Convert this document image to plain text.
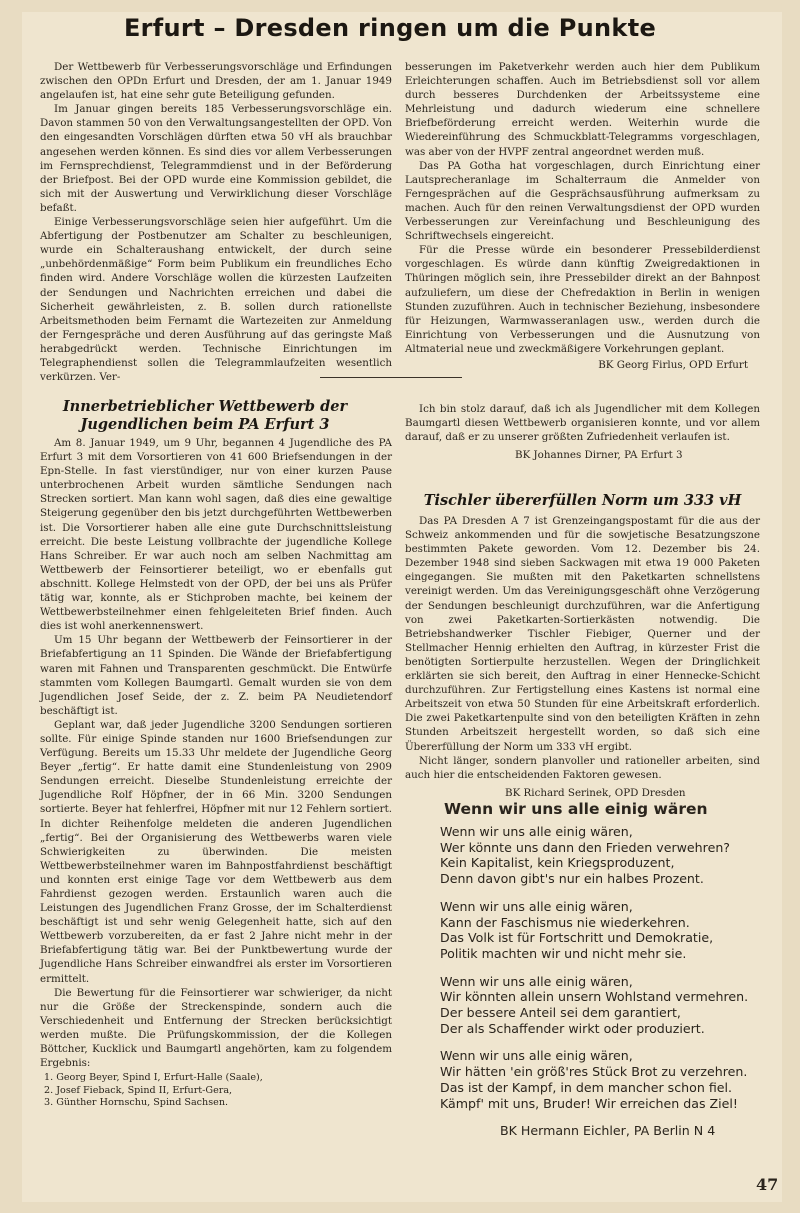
Erfurt – Dresden ringen um die Punkte

Der Wettbewerb für Verbesserungsvorschläge und Erfindungen zwischen den OPDn Erfurt und Dresden, der am 1. Januar 1949 angelaufen ist, hat eine sehr gute Beteiligung gefunden.

Im Januar gingen bereits 185 Verbesserungsvorschläge ein. Davon stammen 50 von den Verwaltungsangestellten der OPD. Von den eingesandten Vorschlägen dürften etwa 50 vH als brauchbar angesehen werden können. Es sind dies vor allem Verbesserungen im Fernsprechdienst, Telegrammdienst und in der Beförderung der Briefpost. Bei der OPD wurde eine Kommission gebildet, die sich mit der Auswertung und Verwirklichung dieser Vorschläge befaßt.

Einige Verbesserungsvorschläge seien hier aufgeführt. Um die Abfertigung der Postbenutzer am Schalter zu beschleunigen, wurde ein Schalteraushang entwickelt, der durch seine „unbehördenmäßige“ Form beim Publikum ein freundliches Echo finden wird. Andere Vorschläge wollen die kürzesten Laufzeiten der Sendungen und Nachrichten erreichen und dabei die Sicherheit gewährleisten, z. B. sollen durch rationellste Arbeitsmethoden beim Fernamt die Wartezeiten zur Anmeldung der Ferngespräche und deren Ausführung auf das geringste Maß herabgedrückt werden. Technische Einrichtungen im Telegraphendienst sollen die Telegrammlaufzeiten wesentlich verkürzen. Ver-

besserungen im Paketverkehr werden auch hier dem Publikum Erleichterungen schaffen. Auch im Betriebsdienst soll vor allem durch besseres Durchdenken der Arbeitssysteme eine Mehrleistung und dadurch wiederum eine schnellere Briefbeförderung erreicht werden. Weiterhin wurde die Wiedereinführung des Schmuckblatt-Telegramms vorgeschlagen, was aber von der HVPF zentral angeordnet werden muß.

Das PA Gotha hat vorgeschlagen, durch Einrichtung einer Lautsprecheranlage im Schalterraum die Anmelder von Ferngesprächen auf die Gesprächsausführung aufmerksam zu machen. Auch für den reinen Verwaltungsdienst der OPD wurden Verbesserungen zur Vereinfachung und Beschleunigung des Schriftwechsels eingereicht.

Für die Presse würde ein besonderer Pressebilderdienst vorgeschlagen. Es würde dann künftig Zweigredaktionen in Thüringen möglich sein, ihre Pressebilder direkt an der Bahnpost aufzuliefern, um diese der Chefredaktion in Berlin in wenigen Stunden zuzuführen. Auch in technischer Beziehung, insbesondere für Heizungen, Warmwasseranlagen usw., werden durch die Einrichtung von Verbesserungen und die Ausnutzung von Altmaterial neue und zweckmäßigere Vorkehrungen geplant.

BK Georg Firlus, OPD Erfurt

Innerbetrieblicher Wettbewerb der Jugendlichen beim PA Erfurt 3

Am 8. Januar 1949, um 9 Uhr, begannen 4 Jugendliche des PA Erfurt 3 mit dem Vorsortieren von 41 600 Briefsendungen in der Epn-Stelle. In fast vierstündiger, nur von einer kurzen Pause unterbrochenen Arbeit wurden sämtliche Sendungen nach Strecken sortiert. Man kann wohl sagen, daß dies eine gewaltige Steigerung gegenüber den bis jetzt durchgeführten Wettbewerben ist. Die Vorsortierer haben alle eine gute Durchschnittsleistung erreicht. Die beste Leistung vollbrachte der jugendliche Kollege Hans Schreiber. Er war auch noch am selben Nachmittag am Wettbewerb der Feinsortierer beteiligt, wo er ebenfalls gut abschnitt. Kollege Helmstedt von der OPD, der bei uns als Prüfer tätig war, konnte, als er Stichproben machte, bei keinem der Wettbewerbsteilnehmer einen fehlgeleiteten Brief finden. Auch dies ist wohl anerkennenswert.

Um 15 Uhr begann der Wettbewerb der Feinsortierer in der Briefabfertigung an 11 Spinden. Die Wände der Briefabfertigung waren mit Fahnen und Transparenten geschmückt. Die Entwürfe stammten vom Kollegen Baumgartl. Gemalt wurden sie von dem Jugendlichen Josef Seide, der z. Z. beim PA Neudietendorf beschäftigt ist.

Geplant war, daß jeder Jugendliche 3200 Sendungen sortieren sollte. Für einige Spinde standen nur 1600 Briefsendungen zur Verfügung. Bereits um 15.33 Uhr meldete der Jugendliche Georg Beyer „fertig“. Er hatte damit eine Stundenleistung von 2909 Sendungen erreicht. Dieselbe Stundenleistung erreichte der Jugendliche Rolf Höpfner, der in 66 Min. 3200 Sendungen sortierte. Beyer hat fehlerfrei, Höpfner mit nur 12 Fehlern sortiert. In dichter Reihenfolge meldeten die anderen Jugendlichen „fertig“. Bei der Organisierung des Wettbewerbs waren viele Schwierigkeiten zu überwinden. Die meisten Wettbewerbsteilnehmer waren im Bahnpostfahrdienst beschäftigt und konnten erst einige Tage vor dem Wettbewerb aus dem Fahrdienst gezogen werden. Erstaunlich waren auch die Leistungen des Jugendlichen Franz Grosse, der im Schalterdienst beschäftigt ist und sehr wenig Gelegenheit hatte, sich auf den Wettbewerb vorzubereiten, da er fast 2 Jahre nicht mehr in der Briefabfertigung tätig war. Bei der Punktbewertung wurde der Jugendliche Hans Schreiber einwandfrei als erster im Vorsortieren ermittelt.

Die Bewertung für die Feinsortierer war schwieriger, da nicht nur die Größe der Streckenspinde, sondern auch die Verschiedenheit und Entfernung der Strecken berücksichtigt werden mußte. Die Prüfungskommission, der die Kollegen Böttcher, Kucklick und Baumgartl angehörten, kam zu folgendem Ergebnis:

1. Georg Beyer, Spind I, Erfurt-Halle (Saale),
2. Josef Fieback, Spind II, Erfurt-Gera,
3. Günther Hornschu, Spind Sachsen.

Ich bin stolz darauf, daß ich als Jugendlicher mit dem Kollegen Baumgartl diesen Wettbewerb organisieren konnte, und vor allem darauf, daß er zu unserer größten Zufriedenheit verlaufen ist.

BK Johannes Dirner, PA Erfurt 3

Tischler übererfüllen Norm um 333 vH

Das PA Dresden A 7 ist Grenzeingangspostamt für die aus der Schweiz ankommenden und für die sowjetische Besatzungszone bestimmten Pakete geworden. Vom 12. Dezember bis 24. Dezember 1948 sind sieben Sackwagen mit etwa 19 000 Paketen eingegangen. Sie mußten mit den Paketkarten schnellstens vereinigt werden. Um das Vereinigungsgeschäft ohne Verzögerung der Sendungen beschleunigt durchzuführen, war die Anfertigung von zwei Paketkarten-Sortierkästen notwendig. Die Betriebshandwerker Tischler Fiebiger, Querner und der Stellmacher Hennig erhielten den Auftrag, in kürzester Frist die benötigten Sortierpulte herzustellen. Wegen der Dringlichkeit erklärten sie sich bereit, den Auftrag in einer Hennecke-Schicht durchzuführen. Zur Fertigstellung eines Kastens ist normal eine Arbeitszeit von etwa 50 Stunden für eine Arbeitskraft erforderlich. Die zwei Paketkartenpulte sind von den beteiligten Kräften in zehn Stunden Arbeitszeit hergestellt worden, so daß sich eine Übererfüllung der Norm um 333 vH ergibt.

Nicht länger, sondern planvoller und rationeller arbeiten, sind auch hier die entscheidenden Faktoren gewesen.

BK Richard Serinek, OPD Dresden

Wenn wir uns alle einig wären
Wenn wir uns alle einig wären,
Wer könnte uns dann den Frieden verwehren?
Kein Kapitalist, kein Kriegsproduzent,
Denn davon gibt's nur ein halbes Prozent.
Wenn wir uns alle einig wären,
Kann der Faschismus nie wiederkehren.
Das Volk ist für Fortschritt und Demokratie,
Politik machten wir und nicht mehr sie.
Wenn wir uns alle einig wären,
Wir könnten allein unsern Wohlstand vermehren.
Der bessere Anteil sei dem garantiert,
Der als Schaffender wirkt oder produziert.
Wenn wir uns alle einig wären,
Wir hätten 'ein größ'res Stück Brot zu verzehren.
Das ist der Kampf, in dem mancher schon fiel.
Kämpf' mit uns, Bruder! Wir erreichen das Ziel!
BK Hermann Eichler, PA Berlin N 4
47
